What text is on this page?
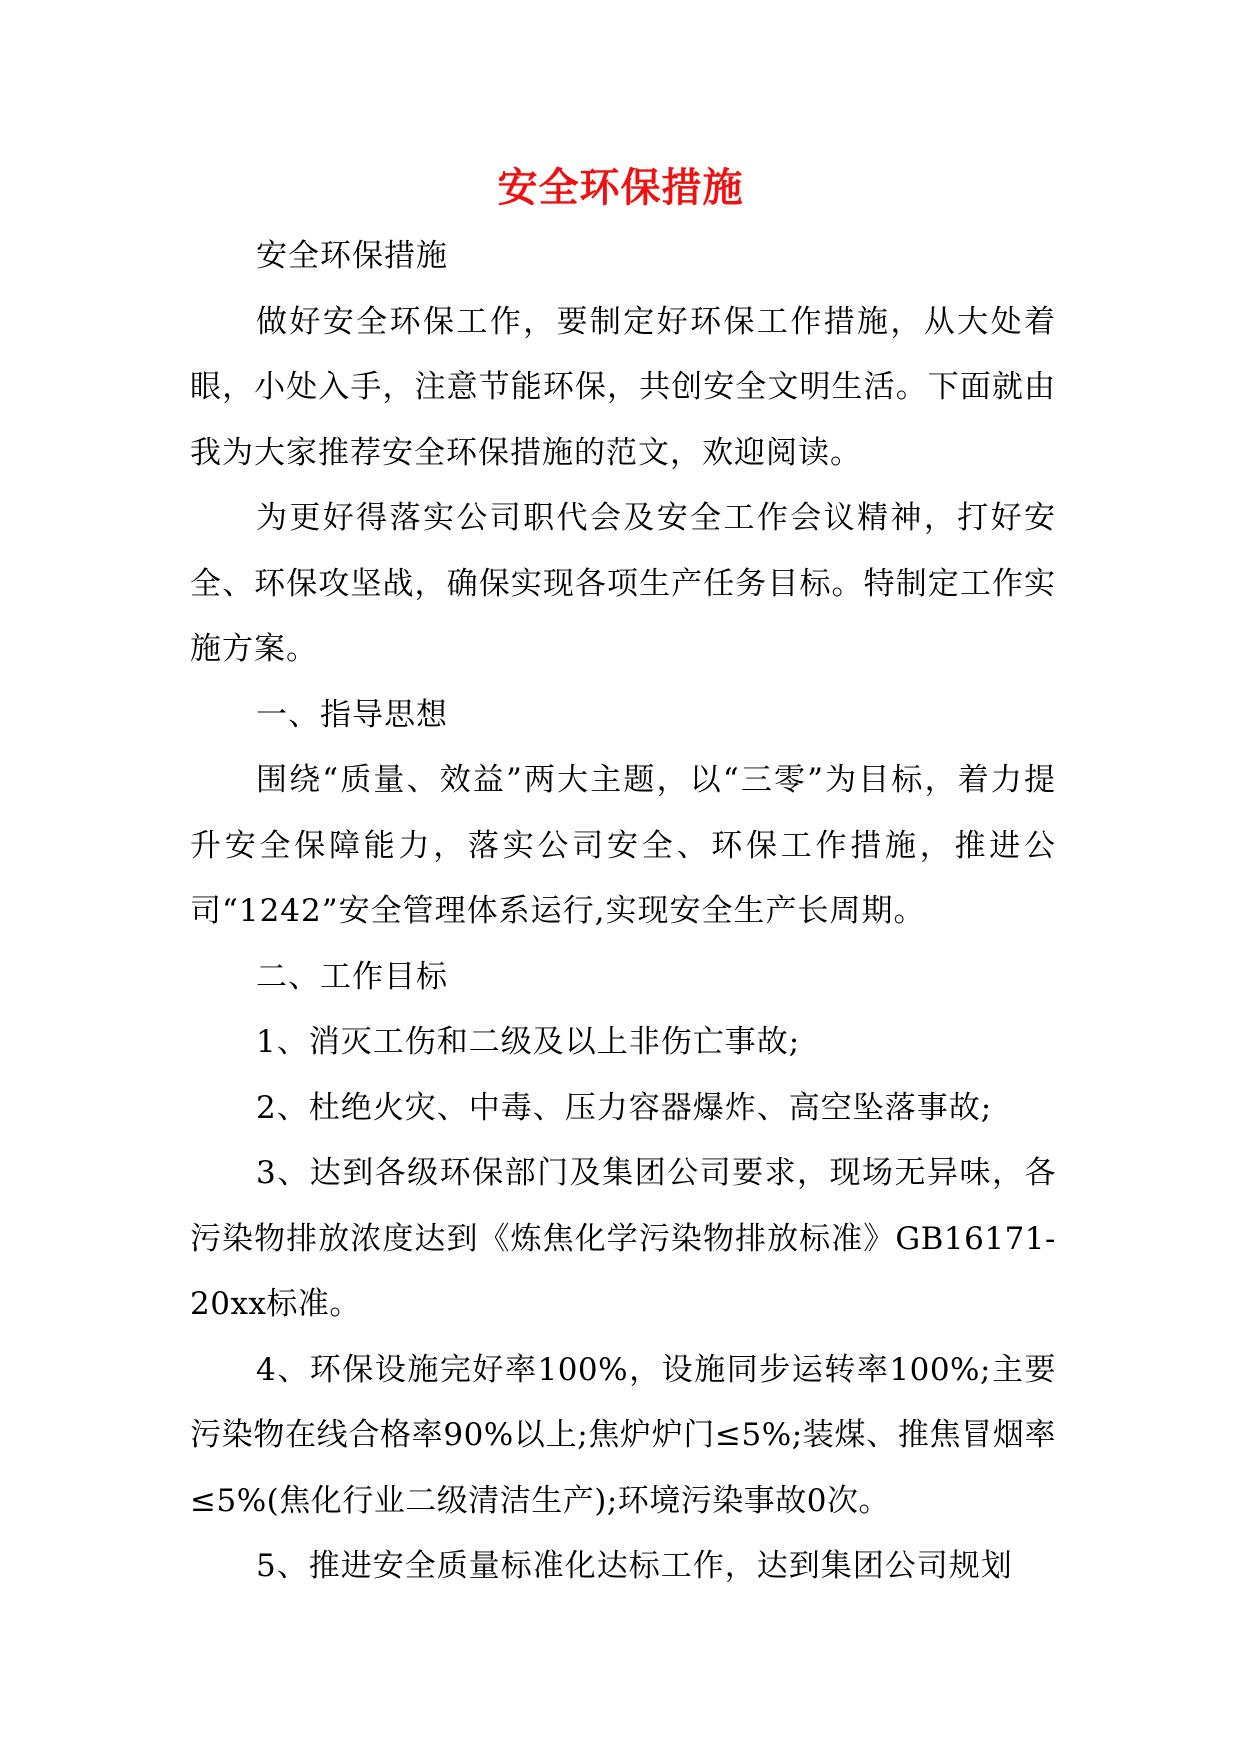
安全环保措施

安全环保措施

做好安全环保工作，要制定好环保工作措施，从大处着眼，小处入手，注意节能环保，共创安全文明生活。下面就由我为大家推荐安全环保措施的范文，欢迎阅读。

为更好得落实公司职代会及安全工作会议精神，打好安全、环保攻坚战，确保实现各项生产任务目标。特制定工作实施方案。

一、指导思想

围绕“质量、效益”两大主题，以“三零”为目标，着力提升安全保障能力，落实公司安全、环保工作措施，推进公司“1242”安全管理体系运行,实现安全生产长周期。

二、工作目标

1、消灭工伤和二级及以上非伤亡事故;

2、杜绝火灾、中毒、压力容器爆炸、高空坠落事故;

3、达到各级环保部门及集团公司要求，现场无异味，各污染物排放浓度达到《炼焦化学污染物排放标准》GB16171-20xx标准。

4、环保设施完好率100%，设施同步运转率100%;主要污染物在线合格率90%以上;焦炉炉门≤5%;装煤、推焦冒烟率≤5%(焦化行业二级清洁生产);环境污染事故0次。

5、推进安全质量标准化达标工作，达到集团公司规划
